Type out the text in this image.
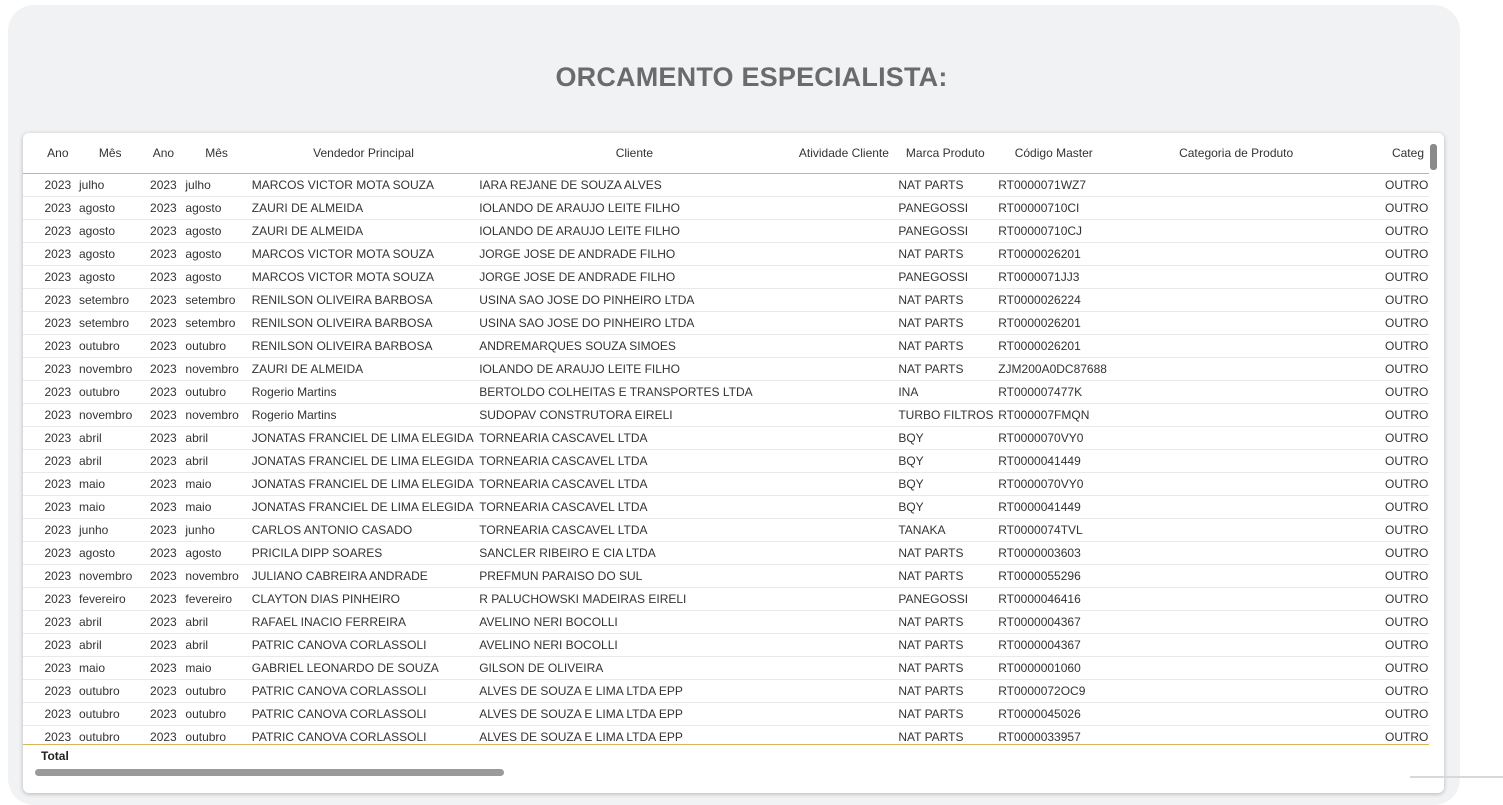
ORCAMENTO ESPECIALISTA:
	Ano	Mês	Ano	Mês	Vendedor Principal	Cliente	Atividade Cliente	Marca Produto	Código Master	Categoria de Produto	Categ
	2023	julho	2023	julho	MARCOS VICTOR MOTA SOUZA	IARA REJANE DE SOUZA ALVES		NAT PARTS	RT0000071WZ7		OUTRO
	2023	agosto	2023	agosto	ZAURI DE ALMEIDA	IOLANDO DE ARAUJO LEITE FILHO		PANEGOSSI	RT00000710CI		OUTRO
	2023	agosto	2023	agosto	ZAURI DE ALMEIDA	IOLANDO DE ARAUJO LEITE FILHO		PANEGOSSI	RT00000710CJ		OUTRO
	2023	agosto	2023	agosto	MARCOS VICTOR MOTA SOUZA	JORGE JOSE DE ANDRADE FILHO		NAT PARTS	RT0000026201		OUTRO
	2023	agosto	2023	agosto	MARCOS VICTOR MOTA SOUZA	JORGE JOSE DE ANDRADE FILHO		PANEGOSSI	RT0000071JJ3		OUTRO
	2023	setembro	2023	setembro	RENILSON OLIVEIRA BARBOSA	USINA SAO JOSE DO PINHEIRO LTDA		NAT PARTS	RT0000026224		OUTRO
	2023	setembro	2023	setembro	RENILSON OLIVEIRA BARBOSA	USINA SAO JOSE DO PINHEIRO LTDA		NAT PARTS	RT0000026201		OUTRO
	2023	outubro	2023	outubro	RENILSON OLIVEIRA BARBOSA	ANDREMARQUES SOUZA SIMOES		NAT PARTS	RT0000026201		OUTRO
	2023	novembro	2023	novembro	ZAURI DE ALMEIDA	IOLANDO DE ARAUJO LEITE FILHO		NAT PARTS	ZJM200A0DC87688		OUTRO
	2023	outubro	2023	outubro	Rogerio Martins	BERTOLDO COLHEITAS E TRANSPORTES LTDA		INA	RT000007477K		OUTRO
	2023	novembro	2023	novembro	Rogerio Martins	SUDOPAV CONSTRUTORA EIRELI		TURBO FILTROS	RT000007FMQN		OUTRO
	2023	abril	2023	abril	JONATAS FRANCIEL DE LIMA ELEGIDA	TORNEARIA CASCAVEL LTDA		BQY	RT0000070VY0		OUTRO
	2023	abril	2023	abril	JONATAS FRANCIEL DE LIMA ELEGIDA	TORNEARIA CASCAVEL LTDA		BQY	RT0000041449		OUTRO
	2023	maio	2023	maio	JONATAS FRANCIEL DE LIMA ELEGIDA	TORNEARIA CASCAVEL LTDA		BQY	RT0000070VY0		OUTRO
	2023	maio	2023	maio	JONATAS FRANCIEL DE LIMA ELEGIDA	TORNEARIA CASCAVEL LTDA		BQY	RT0000041449		OUTRO
	2023	junho	2023	junho	CARLOS ANTONIO CASADO	TORNEARIA CASCAVEL LTDA		TANAKA	RT0000074TVL		OUTRO
	2023	agosto	2023	agosto	PRICILA DIPP SOARES	SANCLER RIBEIRO E CIA LTDA		NAT PARTS	RT0000003603		OUTRO
	2023	novembro	2023	novembro	JULIANO CABREIRA ANDRADE	PREFMUN PARAISO DO SUL		NAT PARTS	RT0000055296		OUTRO
	2023	fevereiro	2023	fevereiro	CLAYTON DIAS PINHEIRO	R PALUCHOWSKI MADEIRAS EIRELI		PANEGOSSI	RT0000046416		OUTRO
	2023	abril	2023	abril	RAFAEL INACIO FERREIRA	AVELINO NERI BOCOLLI		NAT PARTS	RT0000004367		OUTRO
	2023	abril	2023	abril	PATRIC CANOVA CORLASSOLI	AVELINO NERI BOCOLLI		NAT PARTS	RT0000004367		OUTRO
	2023	maio	2023	maio	GABRIEL LEONARDO DE SOUZA	GILSON DE OLIVEIRA		NAT PARTS	RT0000001060		OUTRO
	2023	outubro	2023	outubro	PATRIC CANOVA CORLASSOLI	ALVES DE SOUZA E LIMA LTDA EPP		NAT PARTS	RT0000072OC9		OUTRO
	2023	outubro	2023	outubro	PATRIC CANOVA CORLASSOLI	ALVES DE SOUZA E LIMA LTDA EPP		NAT PARTS	RT0000045026		OUTRO
	2023	outubro	2023	outubro	PATRIC CANOVA CORLASSOLI	ALVES DE SOUZA E LIMA LTDA EPP		NAT PARTS	RT0000033957		OUTRO
Total
